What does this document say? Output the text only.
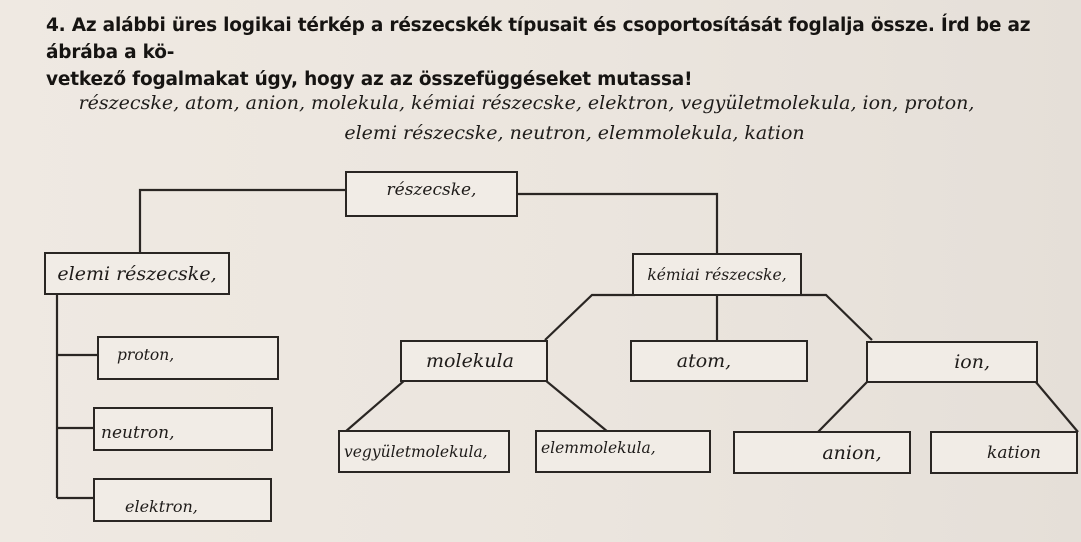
4. Az alábbi üres logikai térkép a részecskék típusait és csoportosítását foglalja össze. Írd be az ábrába a kö-
vetkező fogalmakat úgy, hogy az az összefüggéseket mutassa!
részecske, atom, anion, molekula, kémiai részecske, elektron, vegyületmolekula, ion, proton,
elemi részecske, neutron, elemmolekula, kation
részecske,
elemi részecske,	kémiai részecske,
proton,
neutron,
elektron,
molekula	atom,	ion,
vegyületmolekula,	elemmolekula,	anion,	kation
